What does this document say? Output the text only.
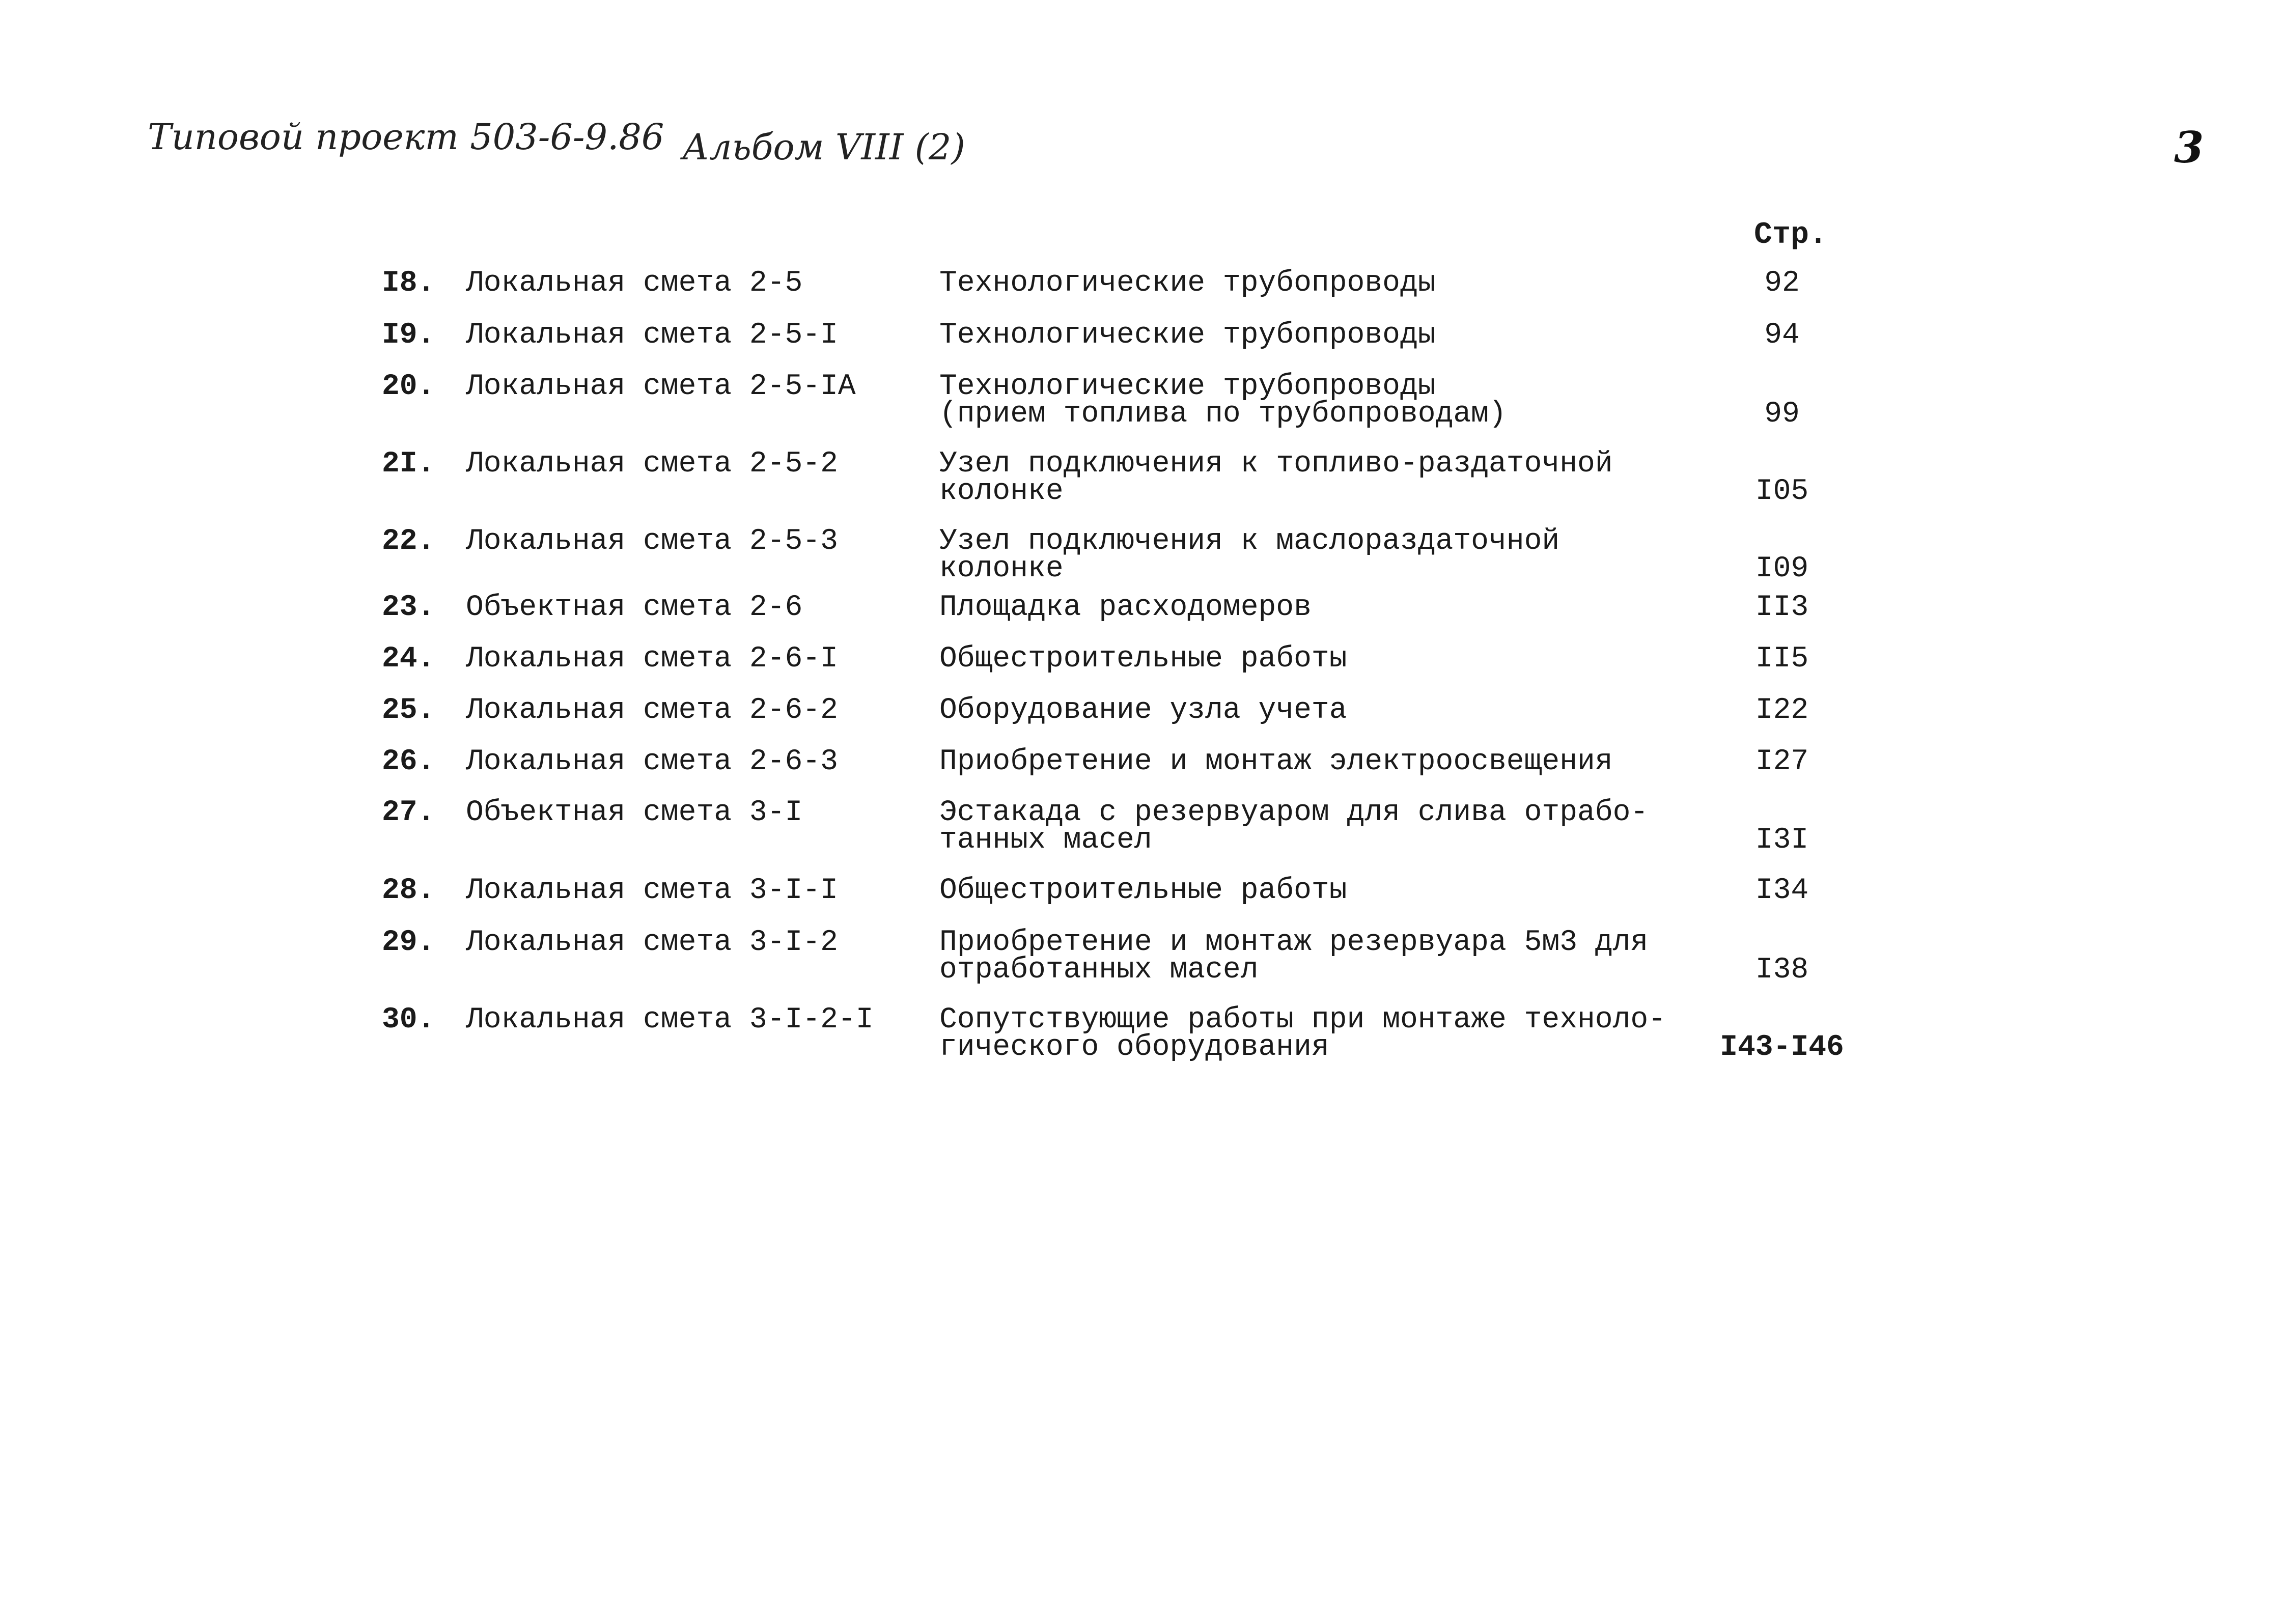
Типовой проект 503-6-9.86 Альбом VIII (2)	3
Стр.
I8. Локальная смета 2-5	Технологические трубопроводы	92
I9. Локальная смета 2-5-I	Технологические трубопроводы	94
20. Локальная смета 2-5-IA	Технологические трубопроводы
(прием топлива по трубопроводам)	99
2I. Локальная смета 2-5-2	Узел подключения к топливо-раздаточной
колонке	I05
22. Локальная смета 2-5-3	Узел подключения к маслораздаточной
колонке	I09
23. Объектная смета 2-6	Площадка расходомеров	II3
24. Локальная смета 2-6-I	Общестроительные работы	II5
25. Локальная смета 2-6-2	Оборудование узла учета	I22
26. Локальная смета 2-6-3	Приобретение и монтаж электроосвещения	I27
27. Объектная смета 3-I	Эстакада с резервуаром для слива отрабо-
танных масел	I3I
28. Локальная смета 3-I-I	Общестроительные работы	I34
29. Локальная смета 3-I-2	Приобретение и монтаж резервуара 5м3 для
отработанных масел	I38
30. Локальная смета 3-I-2-I Сопутствующие работы при монтаже техноло-
гического оборудования	I43-I46
